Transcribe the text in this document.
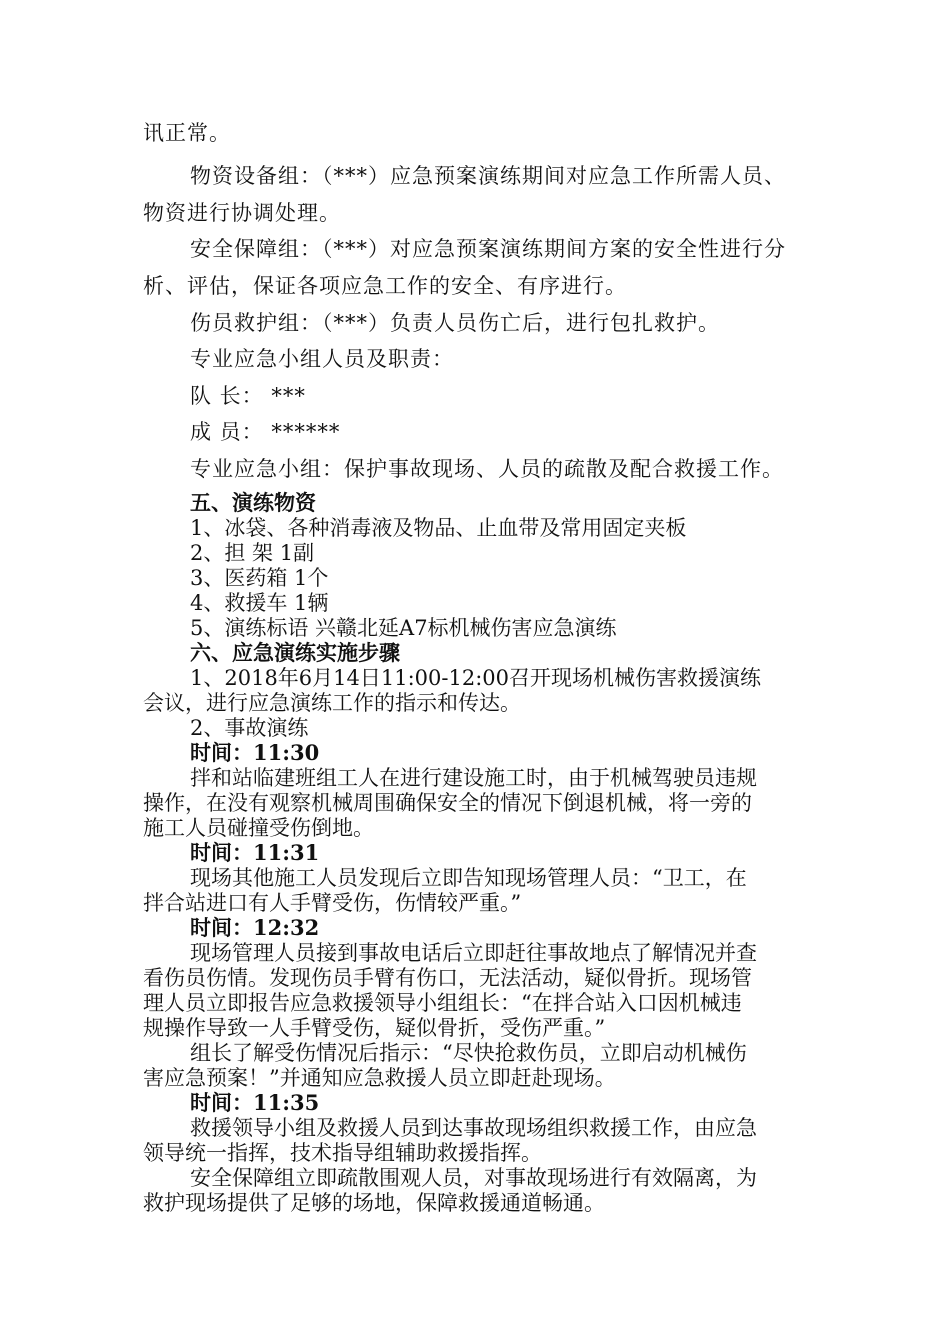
讯正常。
物资设备组：（***）应急预案演练期间对应急工作所需人员、
物资进行协调处理。
安全保障组：（***）对应急预案演练期间方案的安全性进行分
析、评估，保证各项应急工作的安全、有序进行。
伤员救护组：（***）负责人员伤亡后，进行包扎救护。
专业应急小组人员及职责：
队 长： ***
成 员： ******
专业应急小组：保护事故现场、人员的疏散及配合救援工作。
五、演练物资
1、冰袋、各种消毒液及物品、止血带及常用固定夹板
2、担 架 1副
3、医药箱 1个
4、救援车 1辆
5、演练标语 兴赣北延A7标机械伤害应急演练
六、应急演练实施步骤
1、2018年6月14日11:00-12:00召开现场机械伤害救援演练
会议，进行应急演练工作的指示和传达。
2、事故演练
时间：11:30
拌和站临建班组工人在进行建设施工时，由于机械驾驶员违规
操作，在没有观察机械周围确保安全的情况下倒退机械，将一旁的
施工人员碰撞受伤倒地。
时间：11:31
现场其他施工人员发现后立即告知现场管理人员：“卫工，在
拌合站进口有人手臂受伤，伤情较严重。”
时间：12:32
现场管理人员接到事故电话后立即赶往事故地点了解情况并查
看伤员伤情。发现伤员手臂有伤口，无法活动，疑似骨折。现场管
理人员立即报告应急救援领导小组组长：“在拌合站入口因机械违
规操作导致一人手臂受伤，疑似骨折，受伤严重。”
组长了解受伤情况后指示：“尽快抢救伤员，立即启动机械伤
害应急预案！”并通知应急救援人员立即赶赴现场。
时间：11:35
救援领导小组及救援人员到达事故现场组织救援工作，由应急
领导统一指挥，技术指导组辅助救援指挥。
安全保障组立即疏散围观人员，对事故现场进行有效隔离，为
救护现场提供了足够的场地，保障救援通道畅通。
